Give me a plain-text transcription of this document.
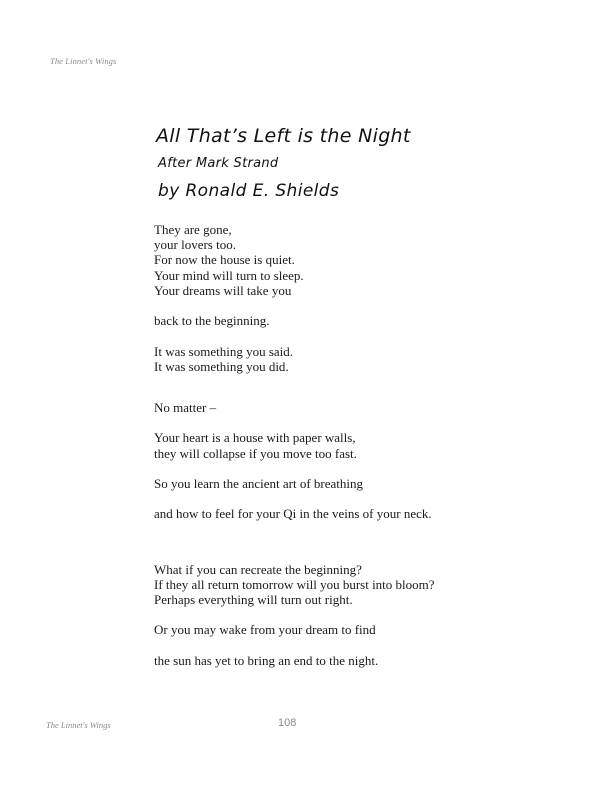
The Linnet's Wings
All That’s Left is the Night
After Mark Strand
by Ronald E. Shields
They are gone,
your lovers too.
For now the house is quiet.
Your mind will turn to sleep.
Your dreams will take you
back to the beginning.
It was something you said.
It was something you did.
No matter –
Your heart is a house with paper walls,
they will collapse if you move too fast.
So you learn the ancient art of breathing
and how to feel for your Qi in the veins of your neck.
What if you can recreate the beginning?
If they all return tomorrow will you burst into bloom?
Perhaps everything will turn out right.
Or you may wake from your dream to find
the sun has yet to bring an end to the night.
The Linnet's Wings	108
